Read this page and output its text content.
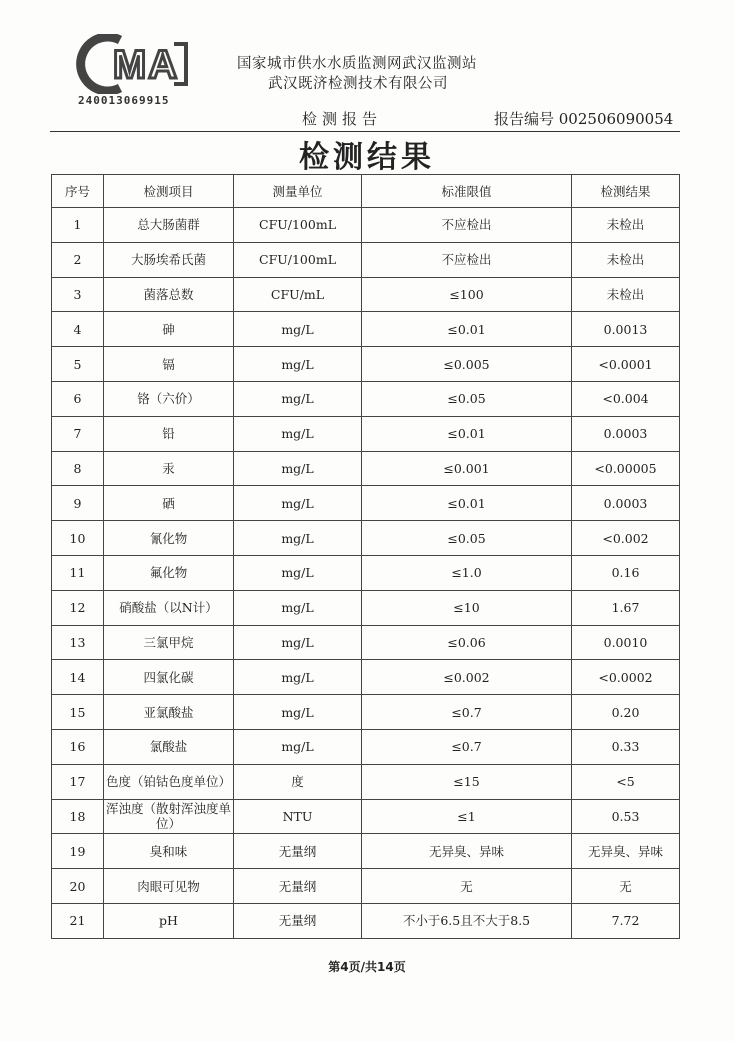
MA
240013069915
国家城市供水水质监测网武汉监测站
武汉既济检测技术有限公司
检测报告	报告编号 002506090054
检测结果
序号	检测项目	测量单位	标准限值	检测结果
1	总大肠菌群	CFU/100mL	不应检出	未检出
2	大肠埃希氏菌	CFU/100mL	不应检出	未检出
3	菌落总数	CFU/mL	≤100	未检出
4	砷	mg/L	≤0.01	0.0013
5	镉	mg/L	≤0.005	<0.0001
6	铬（六价）	mg/L	≤0.05	<0.004
7	铅	mg/L	≤0.01	0.0003
8	汞	mg/L	≤0.001	<0.00005
9	硒	mg/L	≤0.01	0.0003
10	氰化物	mg/L	≤0.05	<0.002
11	氟化物	mg/L	≤1.0	0.16
12	硝酸盐（以N计）	mg/L	≤10	1.67
13	三氯甲烷	mg/L	≤0.06	0.0010
14	四氯化碳	mg/L	≤0.002	<0.0002
15	亚氯酸盐	mg/L	≤0.7	0.20
16	氯酸盐	mg/L	≤0.7	0.33
17	色度（铂钴色度单位）	度	≤15	<5
18	浑浊度（散射浑浊度单位）	NTU	≤1	0.53
19	臭和味	无量纲	无异臭、异味	无异臭、异味
20	肉眼可见物	无量纲	无	无
21	pH	无量纲	不小于6.5且不大于8.5	7.72
第4页/共14页
